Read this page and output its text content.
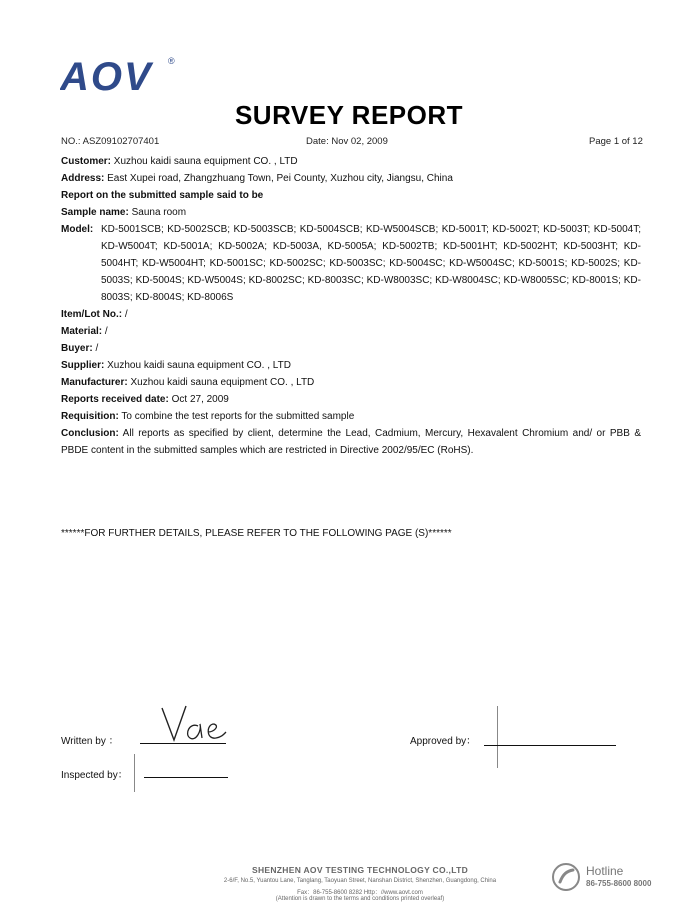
AOV ®
SURVEY REPORT
NO.: ASZ09102707401	Date: Nov 02, 2009	Page 1 of 12
Customer: Xuzhou kaidi sauna equipment CO. , LTD
Address: East Xupei road, Zhangzhuang Town, Pei County, Xuzhou city, Jiangsu, China
Report on the submitted sample said to be
Sample name: Sauna room
Model: KD-5001SCB; KD-5002SCB; KD-5003SCB; KD-5004SCB; KD-W5004SCB; KD-5001T; KD-5002T; KD-5003T; KD-5004T; KD-W5004T; KD-5001A; KD-5002A; KD-5003A, KD-5005A; KD-5002TB; KD-5001HT; KD-5002HT; KD-5003HT; KD-5004HT; KD-W5004HT; KD-5001SC; KD-5002SC; KD-5003SC; KD-5004SC; KD-W5004SC; KD-5001S; KD-5002S; KD-5003S; KD-5004S; KD-W5004S; KD-8002SC; KD-8003SC; KD-W8003SC; KD-W8004SC; KD-W8005SC; KD-8001S; KD-8003S; KD-8004S; KD-8006S
Item/Lot No.: /
Material: /
Buyer: /
Supplier: Xuzhou kaidi sauna equipment CO. , LTD
Manufacturer: Xuzhou kaidi sauna equipment CO. , LTD
Reports received date: Oct 27, 2009
Requisition: To combine the test reports for the submitted sample
Conclusion: All reports as specified by client, determine the Lead, Cadmium, Mercury, Hexavalent Chromium and/ or PBB & PBDE content in the submitted samples which are restricted in Directive 2002/95/EC (RoHS).
******FOR FURTHER DETAILS, PLEASE REFER TO THE FOLLOWING PAGE (S)******
Written by ：	Approved by：
Inspected by：
SHENZHEN AOV TESTING TECHNOLOGY CO.,LTD
2-6/F, No.5, Yuantou Lane, Tanglang, Taoyuan Street, Nanshan District, Shenzhen, Guangdong, China
Fax：86-755-8600 8282 Http：//www.aovt.com
(Attention is drawn to the terms and conditions printed overleaf)
Hotline
86-755-8600 8000
